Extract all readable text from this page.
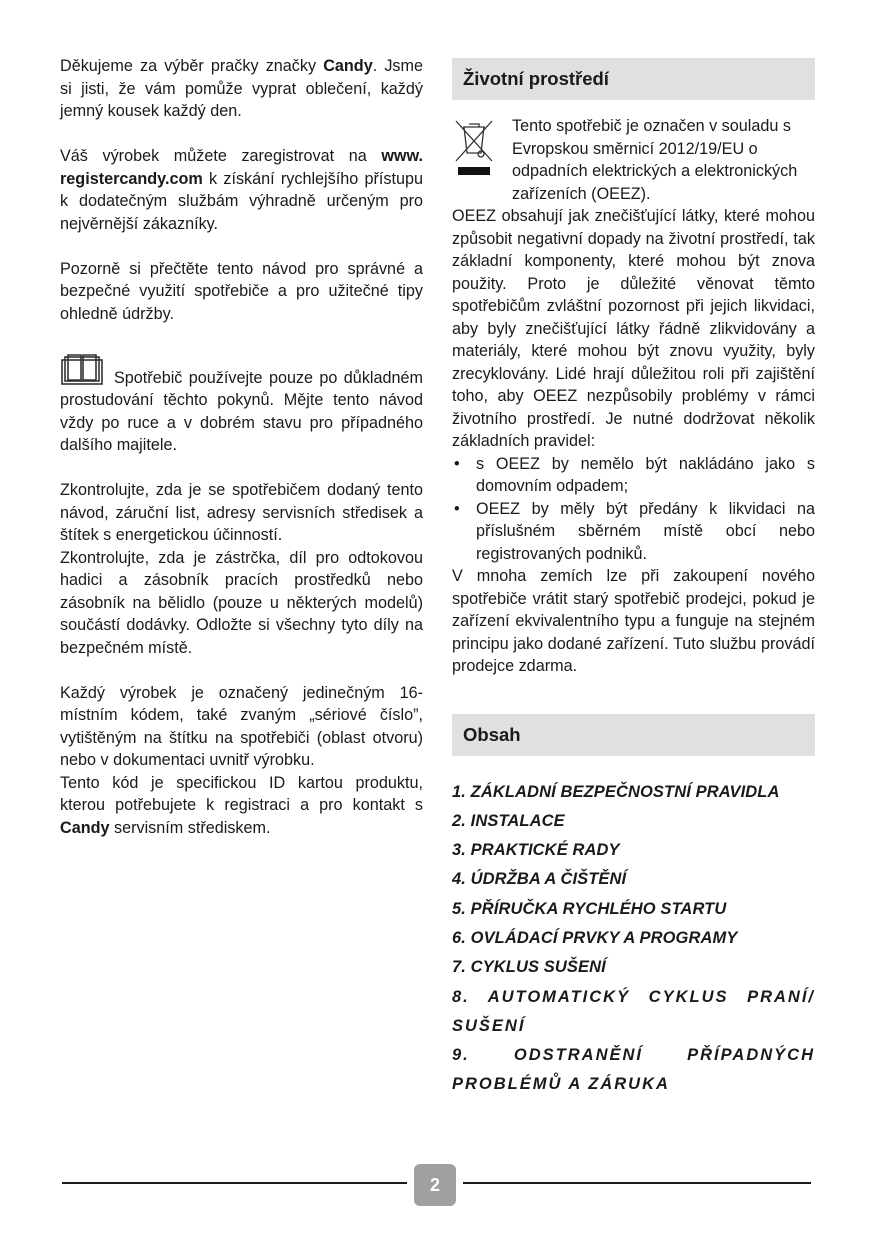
Děkujeme za výběr pračky značky Candy. Jsme si jisti, že vám pomůže vyprat oblečení, každý jemný kousek každý den.

Váš výrobek můžete zaregistrovat na www. registercandy.com k získání rychlejšího přístupu k dodatečným službám výhradně určeným pro nejvěrnější zákazníky.

Pozorně si přečtěte tento návod pro správné a bezpečné využití spotřebiče a pro užitečné tipy ohledně údržby.

Spotřebič používejte pouze po důkladném prostudování těchto pokynů. Mějte tento návod vždy po ruce a v dobrém stavu pro případného dalšího majitele.

Zkontrolujte, zda je se spotřebičem dodaný tento návod, záruční list, adresy servisních středisek a štítek s energetickou účinností.

Zkontrolujte, zda je zástrčka, díl pro odtokovou hadici a zásobník pracích prostředků nebo zásobník na bělidlo (pouze u některých modelů) součástí dodávky. Odložte si všechny tyto díly na bezpečném místě.

Každý výrobek je označený jedinečným 16-místním kódem, také zvaným „sériové číslo”, vytištěným na štítku na spotřebiči (oblast otvoru) nebo v dokumentaci uvnitř výrobku.

Tento kód je specifickou ID kartou produktu, kterou potřebujete k registraci a pro kontakt s Candy servisním střediskem.

Životní prostředí

Tento spotřebič je označen v souladu s Evropskou směrnicí 2012/19/EU o odpadních elektrických a elektronických zařízeních (OEEZ).

OEEZ obsahují jak znečišťující látky, které mohou způsobit negativní dopady na životní prostředí, tak základní komponenty, které mohou být znova použity. Proto je důležité věnovat těmto spotřebičům zvláštní pozornost při jejich likvidaci, aby byly znečišťující látky řádně zlikvidovány a materiály, které mohou být znovu využity, byly zrecyklovány. Lidé hrají důležitou roli při zajištění toho, aby OEEZ nezpůsobily problémy v rámci životního prostředí. Je nutné dodržovat několik základních pravidel:

• s OEEZ by nemělo být nakládáno jako s domovním odpadem;
• OEEZ by měly být předány k likvidaci na příslušném sběrném místě obcí nebo registrovaných podniků.

V mnoha zemích lze při zakoupení nového spotřebiče vrátit starý spotřebič prodejci, pokud je zařízení ekvivalentního typu a funguje na stejném principu jako dodané zařízení. Tuto službu provádí prodejce zdarma.

Obsah
1. ZÁKLADNÍ BEZPEČNOSTNÍ PRAVIDLA
2. INSTALACE
3. PRAKTICKÉ RADY
4. ÚDRŽBA A ČIŠTĚNÍ
5. PŘÍRUČKA RYCHLÉHO STARTU
6. OVLÁDACÍ PRVKY A PROGRAMY
7. CYKLUS SUŠENÍ
8. AUTOMATICKÝ CYKLUS PRANÍ/ SUŠENÍ
9. ODSTRANĚNÍ PŘÍPADNÝCH PROBLÉMŮ A ZÁRUKA
2
